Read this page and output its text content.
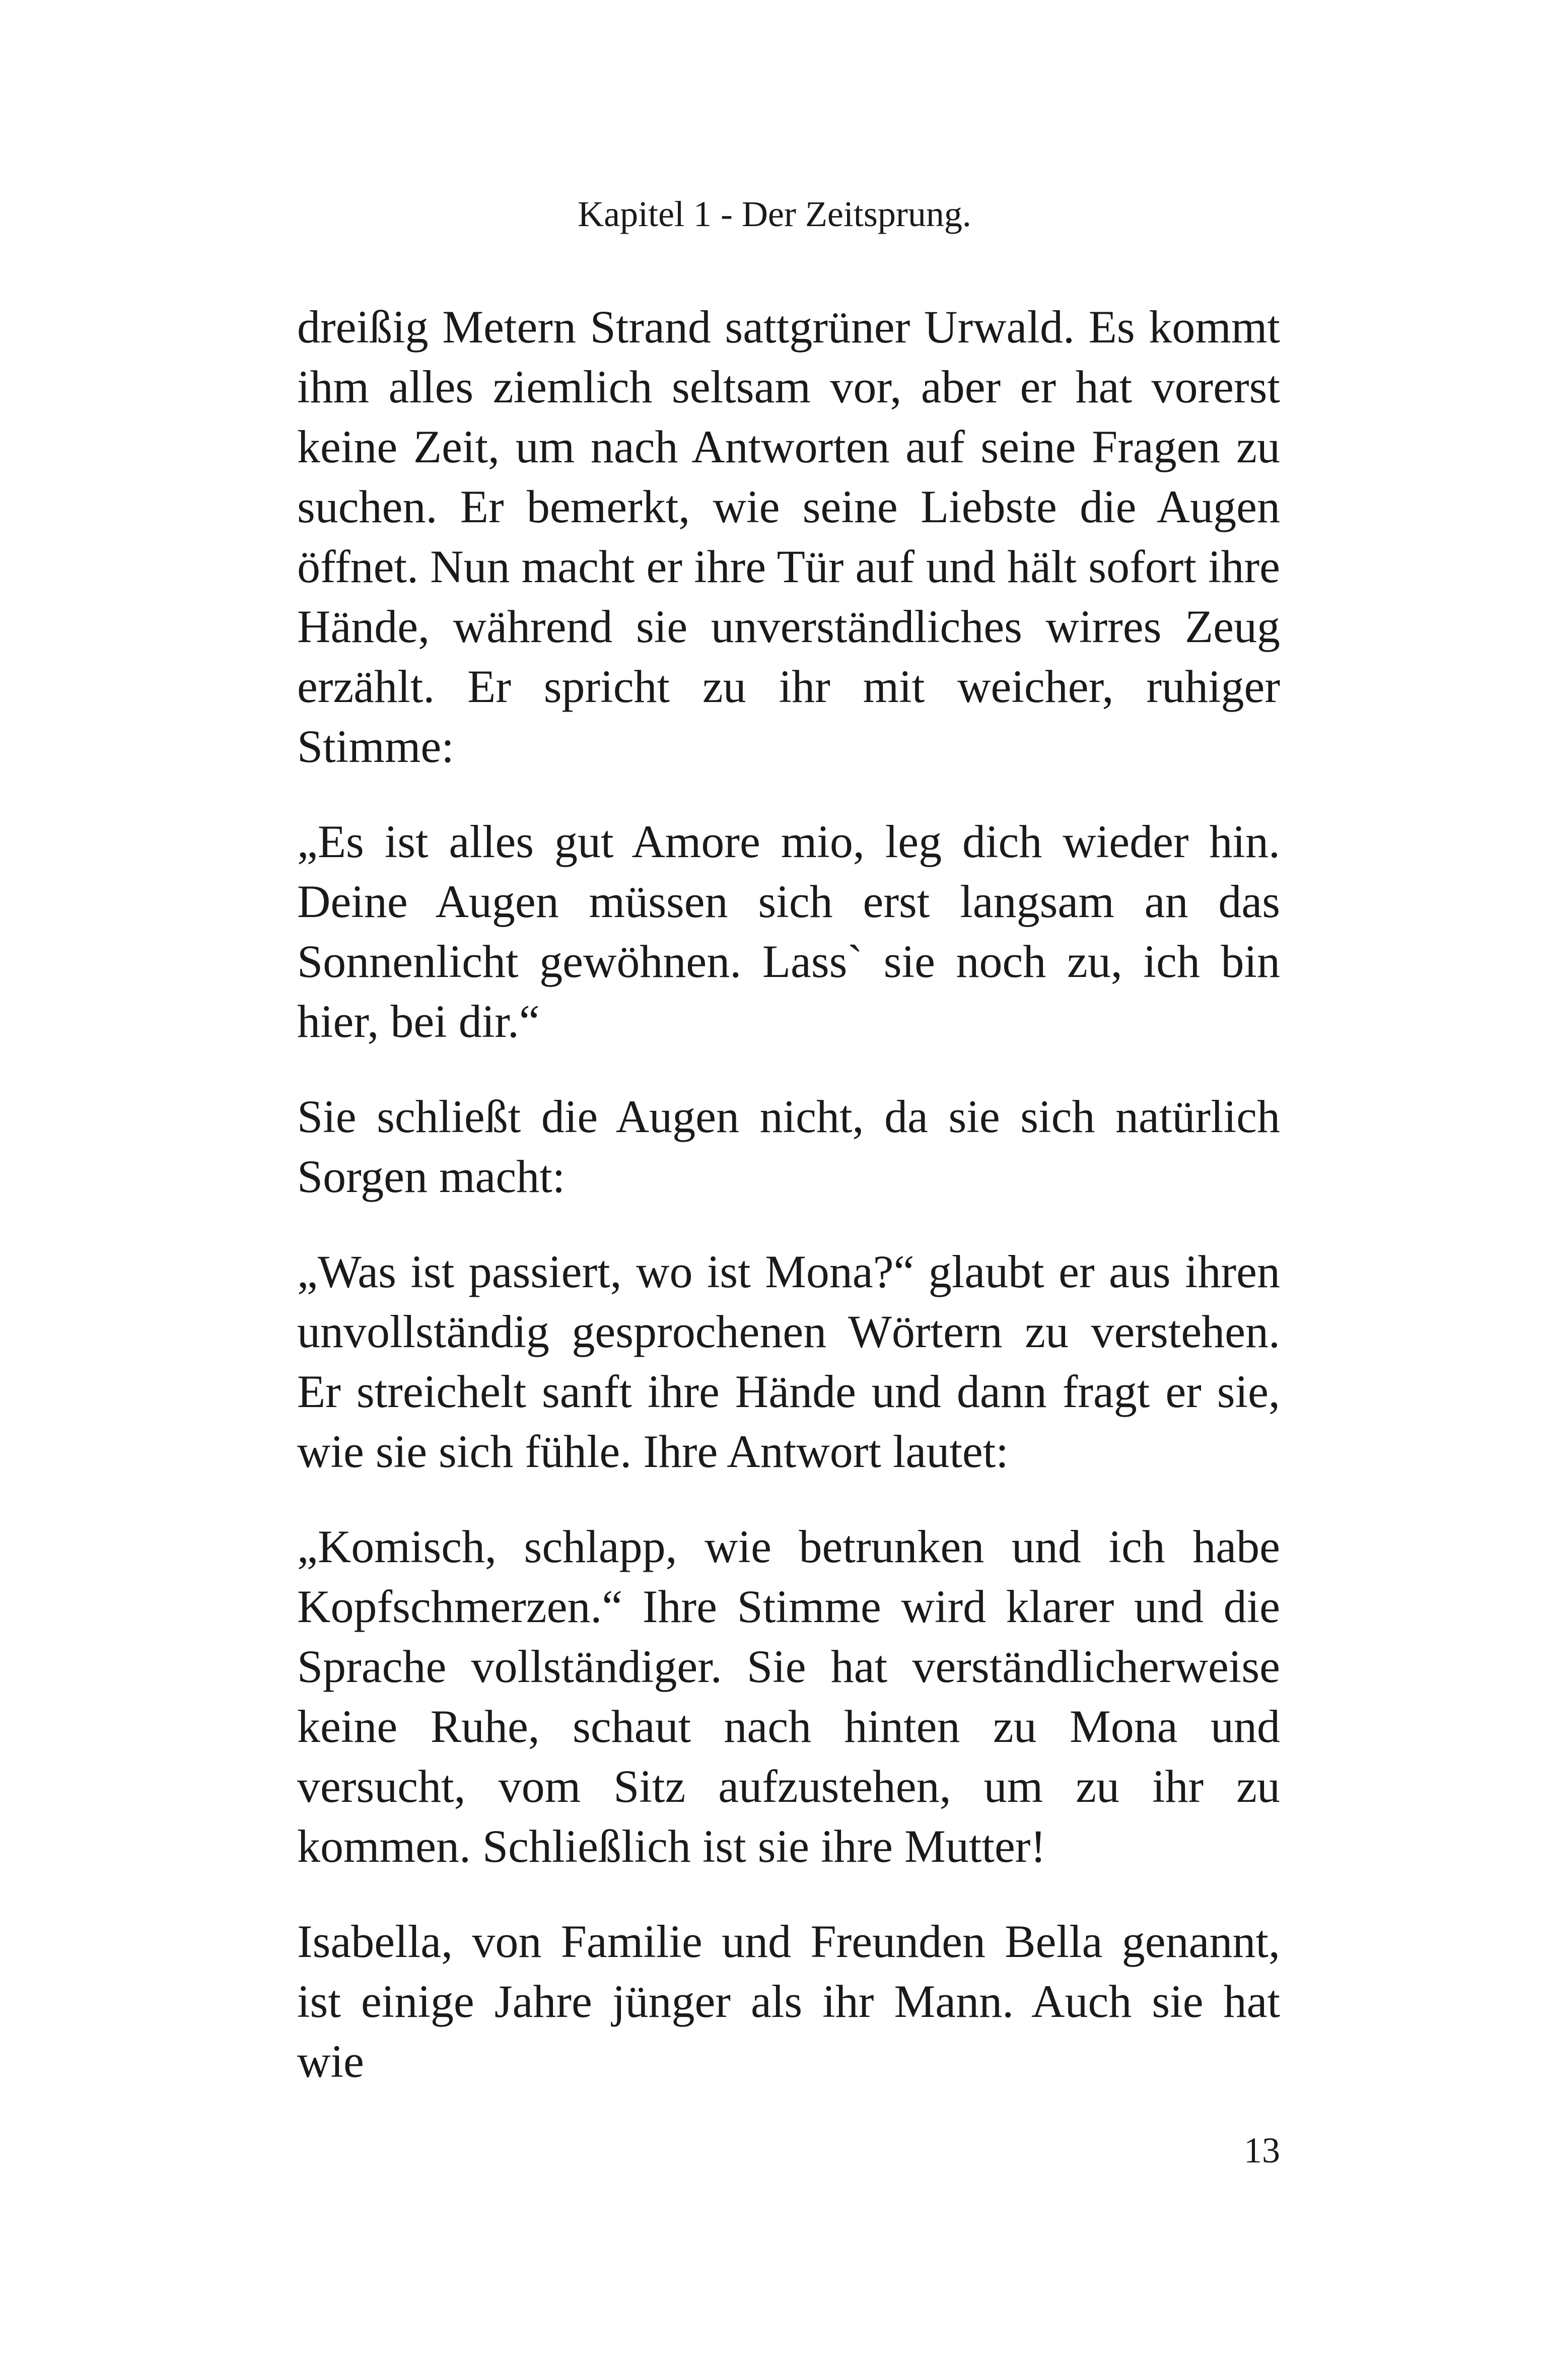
Kapitel 1 - Der Zeitsprung.

dreißig Metern Strand sattgrüner Urwald. Es kommt ihm alles ziemlich seltsam vor, aber er hat vorerst keine Zeit, um nach Antworten auf seine Fragen zu suchen. Er bemerkt, wie seine Liebste die Augen öffnet. Nun macht er ihre Tür auf und hält sofort ihre Hände, während sie unverständliches wirres Zeug erzählt. Er spricht zu ihr mit weicher, ruhiger Stimme:

„Es ist alles gut Amore mio, leg dich wieder hin. Deine Augen müssen sich erst langsam an das Sonnenlicht gewöhnen. Lass` sie noch zu, ich bin hier, bei dir.“

Sie schließt die Augen nicht, da sie sich natürlich Sorgen macht:

„Was ist passiert, wo ist Mona?“ glaubt er aus ihren unvollständig gesprochenen Wörtern zu verstehen. Er streichelt sanft ihre Hände und dann fragt er sie, wie sie sich fühle. Ihre Antwort lautet:

„Komisch, schlapp, wie betrunken und ich habe Kopfschmerzen.“ Ihre Stimme wird klarer und die Sprache vollständiger. Sie hat verständlicherweise keine Ruhe, schaut nach hinten zu Mona und versucht, vom Sitz aufzustehen, um zu ihr zu kommen. Schließlich ist sie ihre Mutter!

Isabella, von Familie und Freunden Bella genannt, ist einige Jahre jünger als ihr Mann. Auch sie hat wie

13
